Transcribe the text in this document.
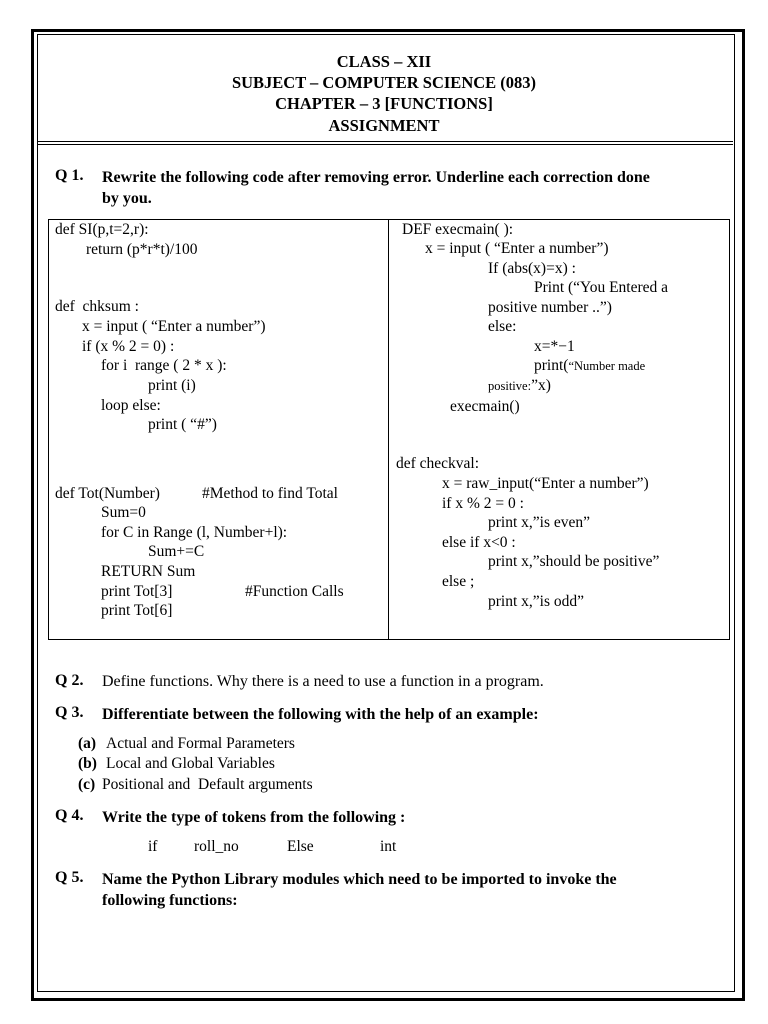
CLASS – XII
SUBJECT – COMPUTER SCIENCE (083)
CHAPTER – 3 [FUNCTIONS]
ASSIGNMENT
Q 1. Rewrite the following code after removing error. Underline each correction done
by you.
def SI(p,t=2,r):
return (p*r*t)/100
def  chksum :
x = input ( “Enter a number”)
if (x % 2 = 0) :
for i  range ( 2 * x ):
print (i)
loop else:
print ( “#”)
def Tot(Number)	#Method to find Total
Sum=0
for C in Range (l, Number+l):
Sum+=C
RETURN Sum
print Tot[3]	#Function Calls
print Tot[6]
DEF execmain( ):
x = input ( “Enter a number”)
If (abs(x)=x) :
Print (“You Entered a
positive number ..”)
else:
x=*−1
print(“Number made
positive:”x)
execmain()
def checkval:
x = raw_input(“Enter a number”)
if x % 2 = 0 :
print x,”is even”
else if x<0 :
print x,”should be positive”
else ;
print x,”is odd”
Q 2. Define functions. Why there is a need to use a function in a program.
Q 3. Differentiate between the following with the help of an example:
(a) Actual and Formal Parameters
(b) Local and Global Variables
(c) Positional and  Default arguments
Q 4. Write the type of tokens from the following :
if roll_no	Else	int
Q 5. Name the Python Library modules which need to be imported to invoke the
following functions:
